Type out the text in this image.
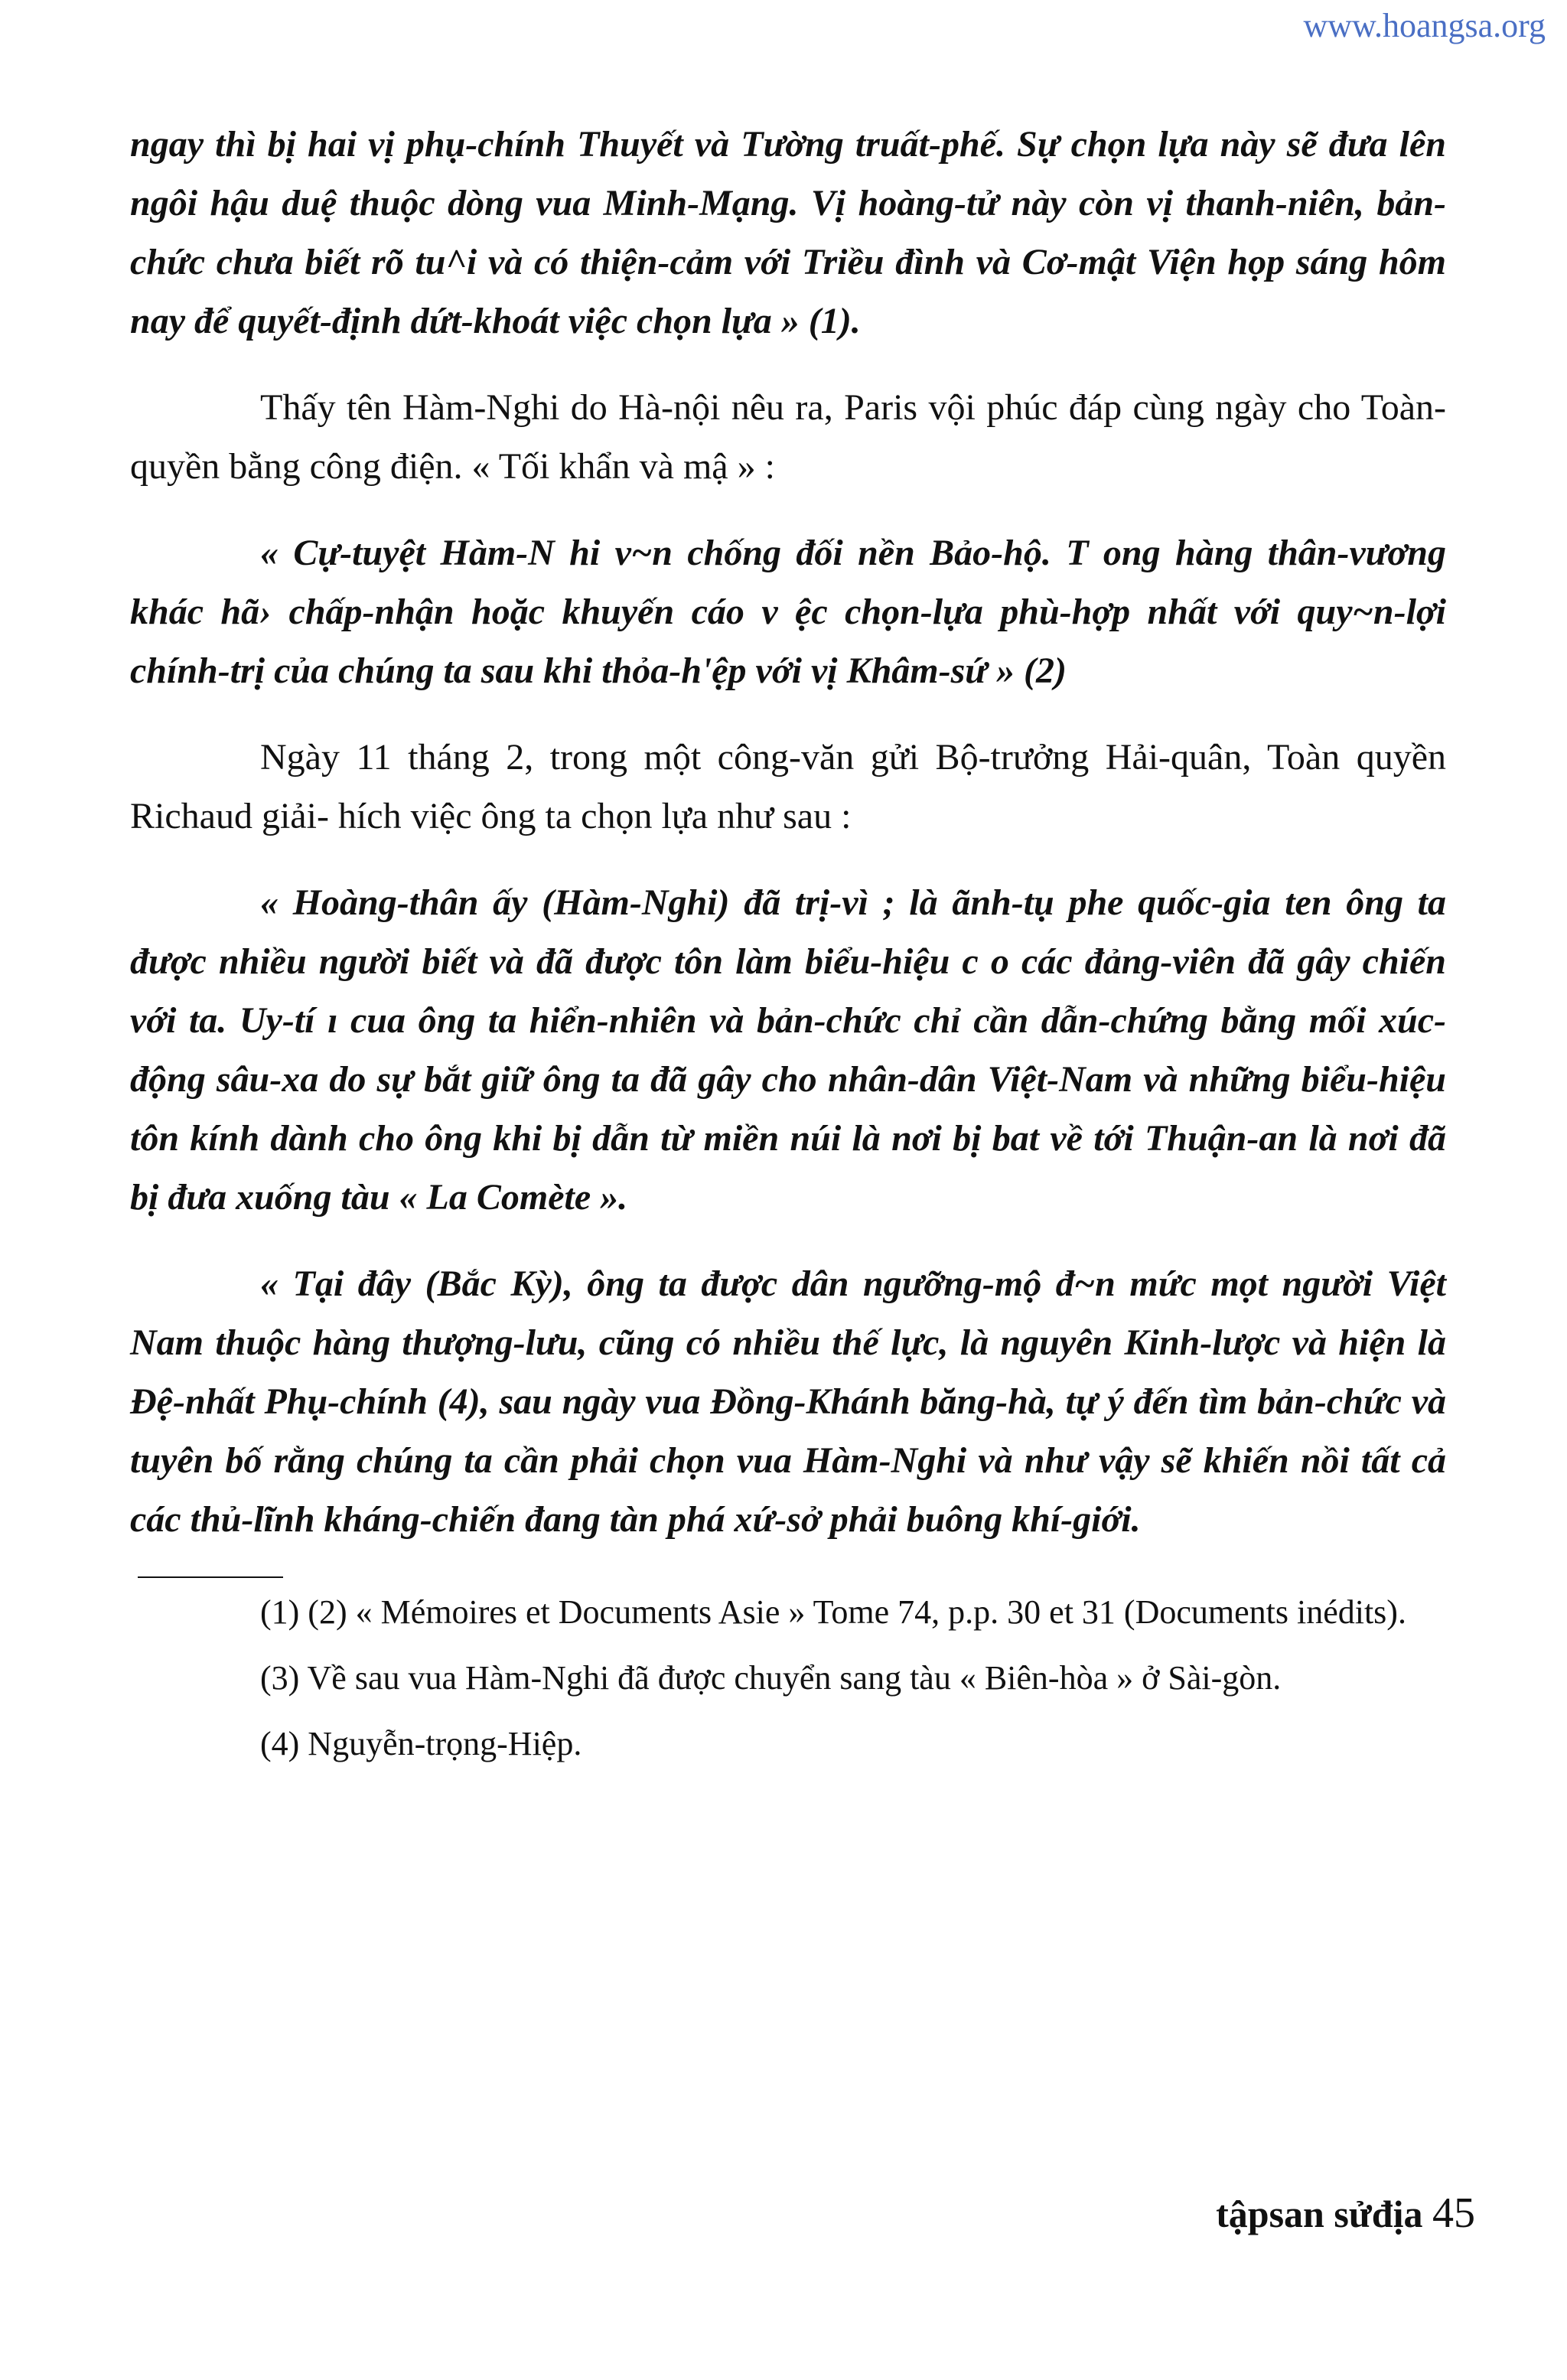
www.hoangsa.org

ngay thì bị hai vị phụ-chính Thuyết và Tường truất-phế. Sự chọn lựa này sẽ đưa lên ngôi hậu duệ thuộc dòng vua Minh-Mạng. Vị hoàng-tử này còn vị thanh-niên, bản-chức chưa biết rõ tu^i và có thiện-cảm với Triều đình và Cơ-mật Viện họp sáng hôm nay để quyết-định dứt-khoát việc chọn lựa » (1).

Thấy tên Hàm-Nghi do Hà-nội nêu ra, Paris vội phúc đáp cùng ngày cho Toàn-quyền bằng công điện. « Tối khẩn và mậ » :

« Cự-tuyệt Hàm-N hi v~n chống đối nền Bảo-hộ. T ong hàng thân-vương khác hã› chấp-nhận hoặc khuyến cáo v ệc chọn-lựa phù-hợp nhất với quy~n-lợi chính-trị của chúng ta sau khi thỏa-h'ệp với vị Khâm-sứ » (2)

Ngày 11 tháng 2, trong một công-văn gửi Bộ-trưởng Hải-quân, Toàn quyền Richaud giải- hích việc ông ta chọn lựa như sau :

« Hoàng-thân ấy (Hàm-Nghi) đã trị-vì ; là ãnh-tụ phe quốc-gia ten ông ta được nhiều người biết và đã được tôn làm biểu-hiệu c o các đảng-viên đã gây chiến với ta. Uy-tí ı cua ông ta hiển-nhiên và bản-chức chỉ cần dẫn-chứng bằng mối xúc-động sâu-xa do sự bắt giữ ông ta đã gây cho nhân-dân Việt-Nam và những biểu-hiệu tôn kính dành cho ông khi bị dẫn từ miền núi là nơi bị bat về tới Thuận-an là nơi đã bị đưa xuống tàu « La Comète ».

« Tại đây (Bắc Kỳ), ông ta được dân ngưỡng-mộ đ~n mức mọt người Việt Nam thuộc hàng thượng-lưu, cũng có nhiều thế lực, là nguyên Kinh-lược và hiện là Đệ-nhất Phụ-chính (4), sau ngày vua Đồng-Khánh băng-hà, tự ý đến tìm bản-chức và tuyên bố rằng chúng ta cần phải chọn vua Hàm-Nghi và như vậy sẽ khiến nồi tất cả các thủ-lĩnh kháng-chiến đang tàn phá xứ-sở phải buông khí-giới.

(1) (2) « Mémoires et Documents Asie » Tome 74, p.p. 30 et 31 (Documents inédits).

(3) Về sau vua Hàm-Nghi đã được chuyển sang tàu « Biên-hòa » ở Sài-gòn.

(4) Nguyễn-trọng-Hiệp.

tậpsan sửđịa 45
